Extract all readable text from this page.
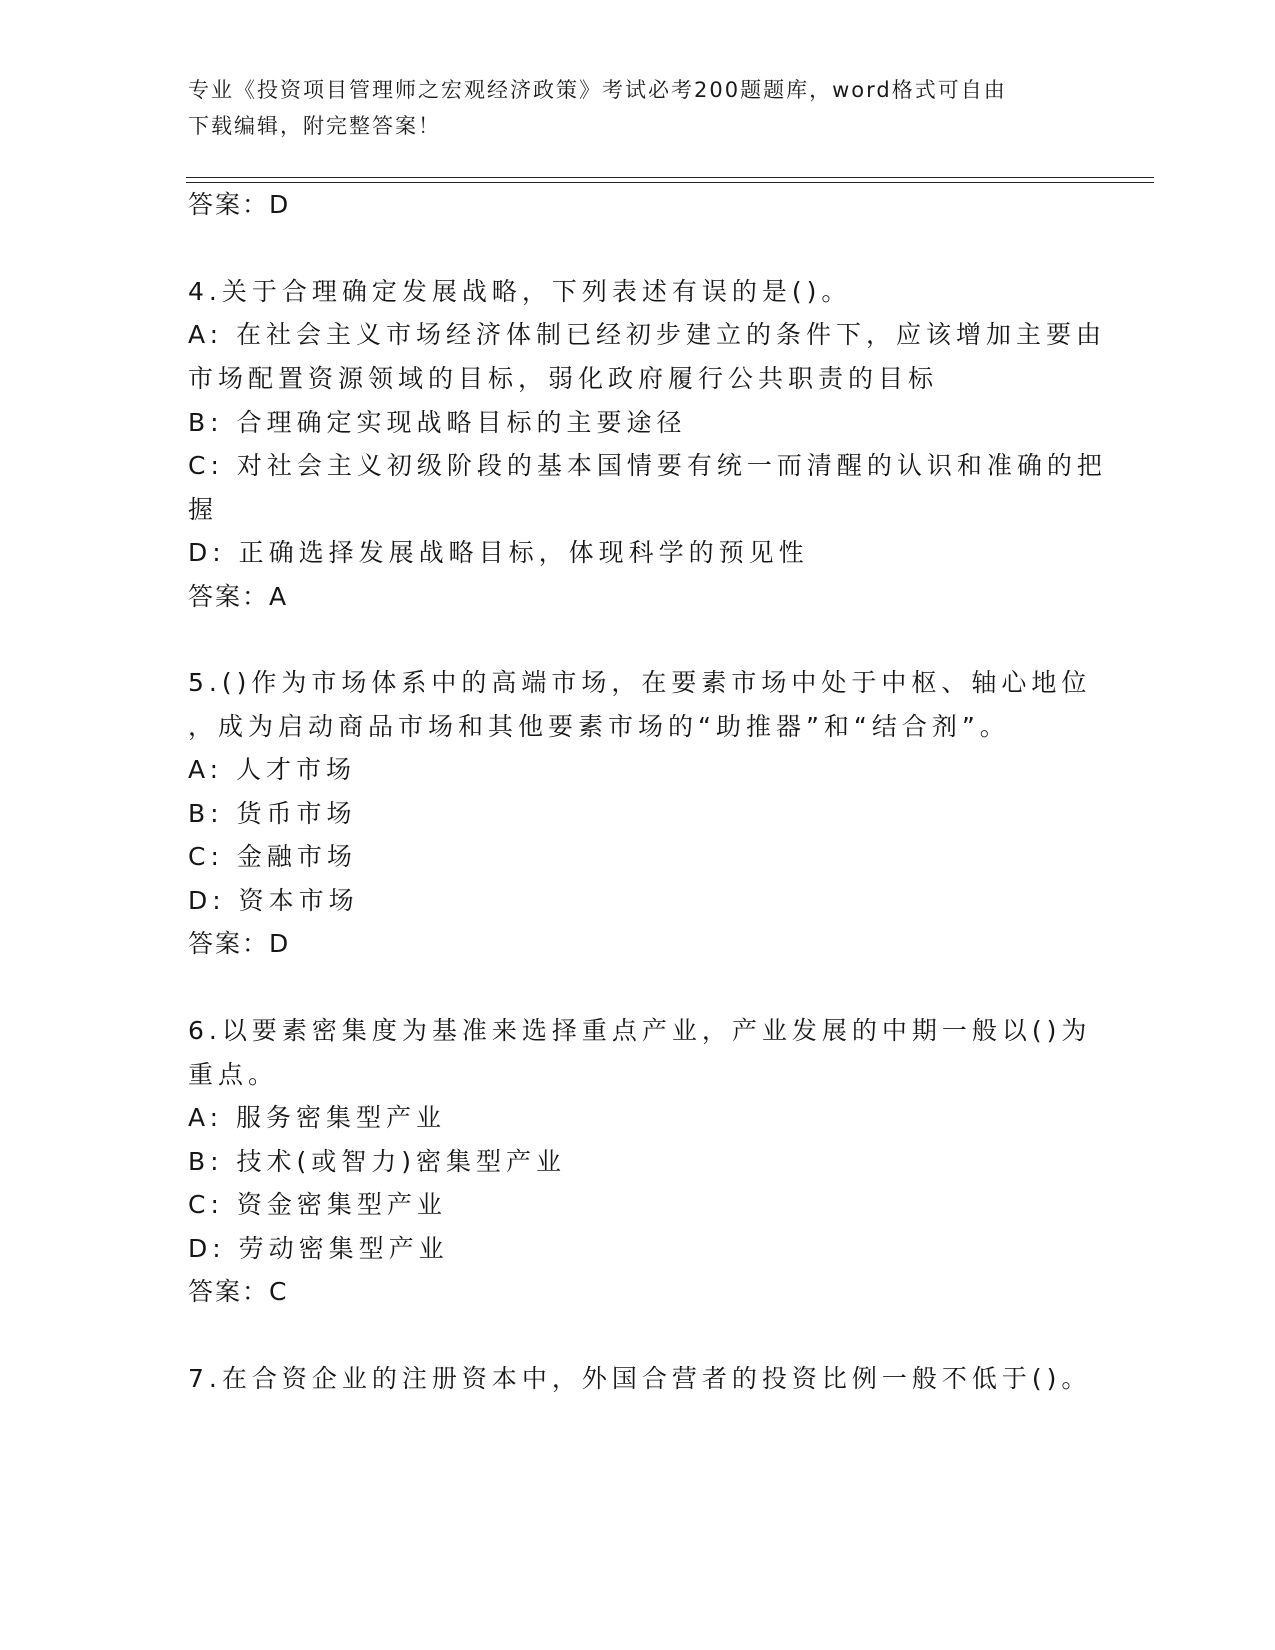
专业《投资项目管理师之宏观经济政策》考试必考200题题库，word格式可自由
下载编辑，附完整答案！
答案：D
4.关于合理确定发展战略，下列表述有误的是()。
A: 在社会主义市场经济体制已经初步建立的条件下，应该增加主要由
市场配置资源领域的目标，弱化政府履行公共职责的目标
B: 合理确定实现战略目标的主要途径
C: 对社会主义初级阶段的基本国情要有统一而清醒的认识和准确的把
握
D: 正确选择发展战略目标，体现科学的预见性
答案：A
5.()作为市场体系中的高端市场，在要素市场中处于中枢、轴心地位
，成为启动商品市场和其他要素市场的“助推器”和“结合剂”。
A: 人才市场
B: 货币市场
C: 金融市场
D: 资本市场
答案：D
6.以要素密集度为基准来选择重点产业，产业发展的中期一般以()为
重点。
A: 服务密集型产业
B: 技术(或智力)密集型产业
C: 资金密集型产业
D: 劳动密集型产业
答案：C
7.在合资企业的注册资本中，外国合营者的投资比例一般不低于()。
